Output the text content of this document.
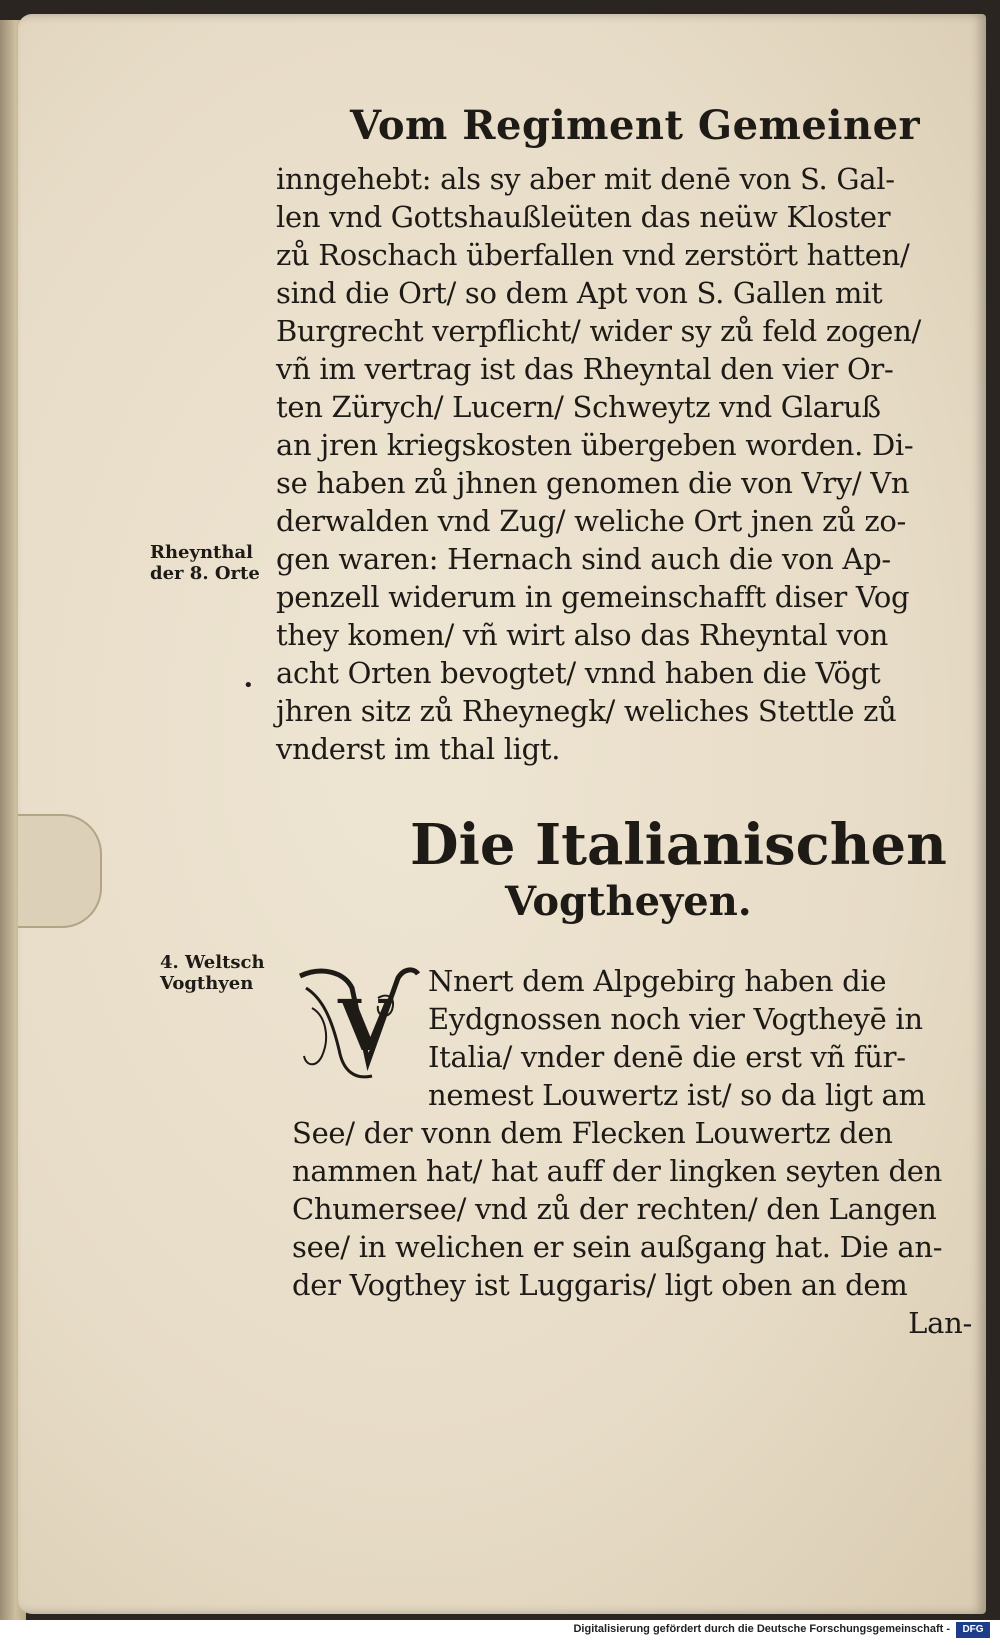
Vom Regiment Gemeiner
inngehebt: als sy aber mit denē von S. Gal-
len vnd Gottshaußleüten das neüw Kloster
zů Roschach überfallen vnd zerstört hatten/
sind die Ort/ so dem Apt von S. Gallen mit
Burgrecht verpflicht/ wider sy zů feld zogen/
vñ im vertrag ist das Rheyntal den vier Or-
ten Zürych/ Lucern/ Schweytz vnd Glaruß
an jren kriegskosten übergeben worden. Di-
se haben zů jhnen genomen die von Vry/ Vn
derwalden vnd Zug/ weliche Ort jnen zů zo-
gen waren: Hernach sind auch die von Ap-
penzell widerum in gemeinschafft diser Vog
they komen/ vñ wirt also das Rheyntal von
acht Orten bevogtet/ vnnd haben die Vögt
jhren sitz zů Rheynegk/ weliches Stettle zů
vnderst im thal ligt.
Rheynthal
der 8. Orte
•
Die Italianischen
Vogtheyen.
4. Weltsch
Vogthyen
V
Nnert dem Alpgebirg haben die
Eydgnossen noch vier Vogtheyē in
Italia/ vnder denē die erst vñ für-
nemest Louwertz ist/ so da ligt am
See/ der vonn dem Flecken Louwertz den
nammen hat/ hat auff der lingken seyten den
Chumersee/ vnd zů der rechten/ den Langen
see/ in welichen er sein außgang hat. Die an-
der Vogthey ist Luggaris/ ligt oben an dem
Lan-
Digitalisierung gefördert durch die Deutsche Forschungsgemeinschaft -	DFG
